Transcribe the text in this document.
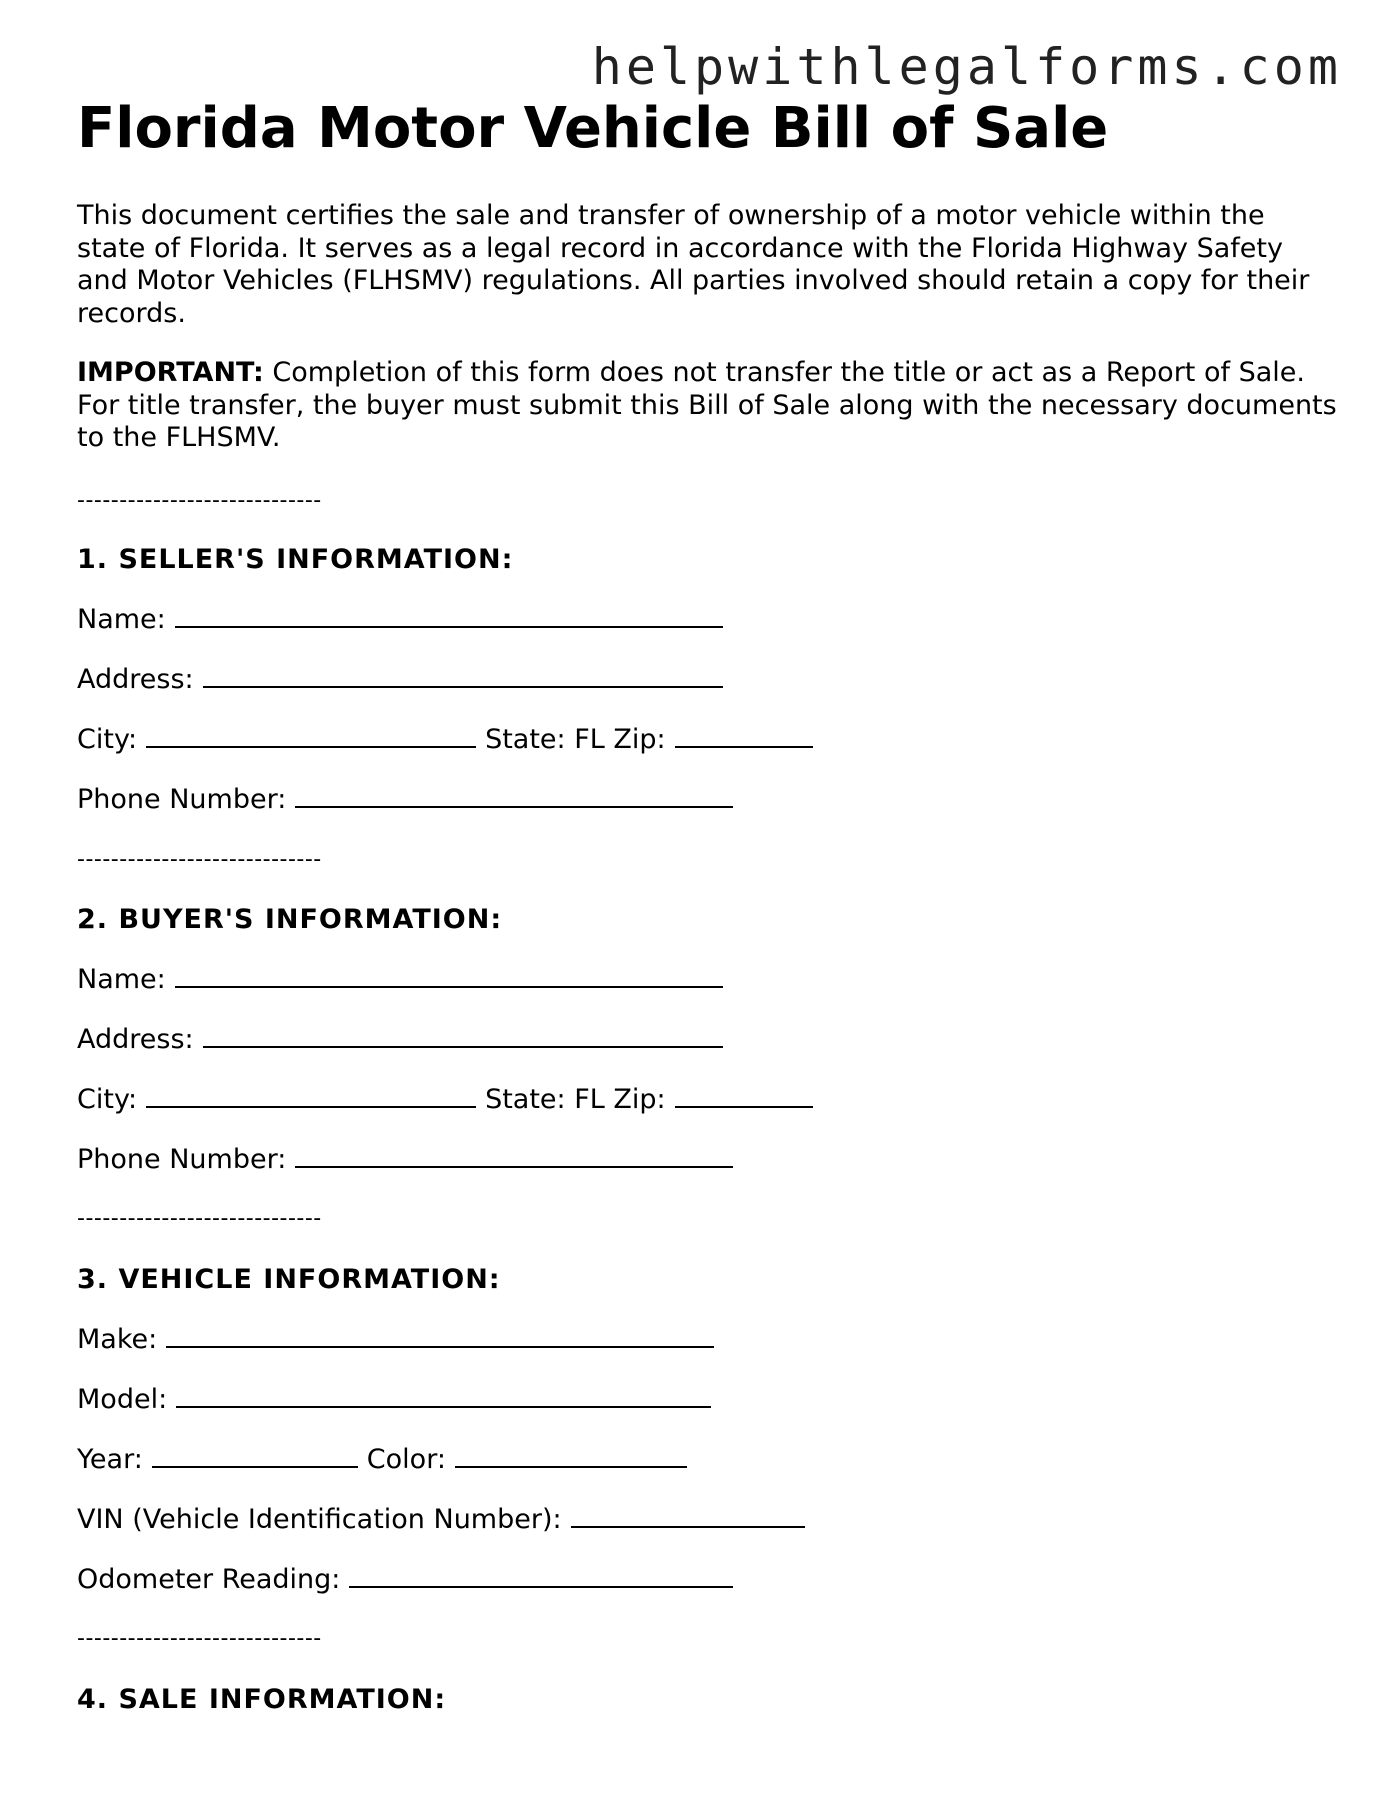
helpwithlegalforms.com
Florida Motor Vehicle Bill of Sale

This document certifies the sale and transfer of ownership of a motor vehicle within the state of Florida. It serves as a legal record in accordance with the Florida Highway Safety and Motor Vehicles (FLHSMV) regulations. All parties involved should retain a copy for their records.

IMPORTANT: Completion of this form does not transfer the title or act as a Report of Sale. For title transfer, the buyer must submit this Bill of Sale along with the necessary documents to the FLHSMV.

-----------------------------
1. SELLER'S INFORMATION:
Name:
Address:
City:	State: FL Zip:
Phone Number:
-----------------------------
2. BUYER'S INFORMATION:
Name:
Address:
City:	State: FL Zip:
Phone Number:
-----------------------------
3. VEHICLE INFORMATION:
Make:
Model:
Year:	Color:
VIN (Vehicle Identification Number):
Odometer Reading:
-----------------------------
4. SALE INFORMATION:
